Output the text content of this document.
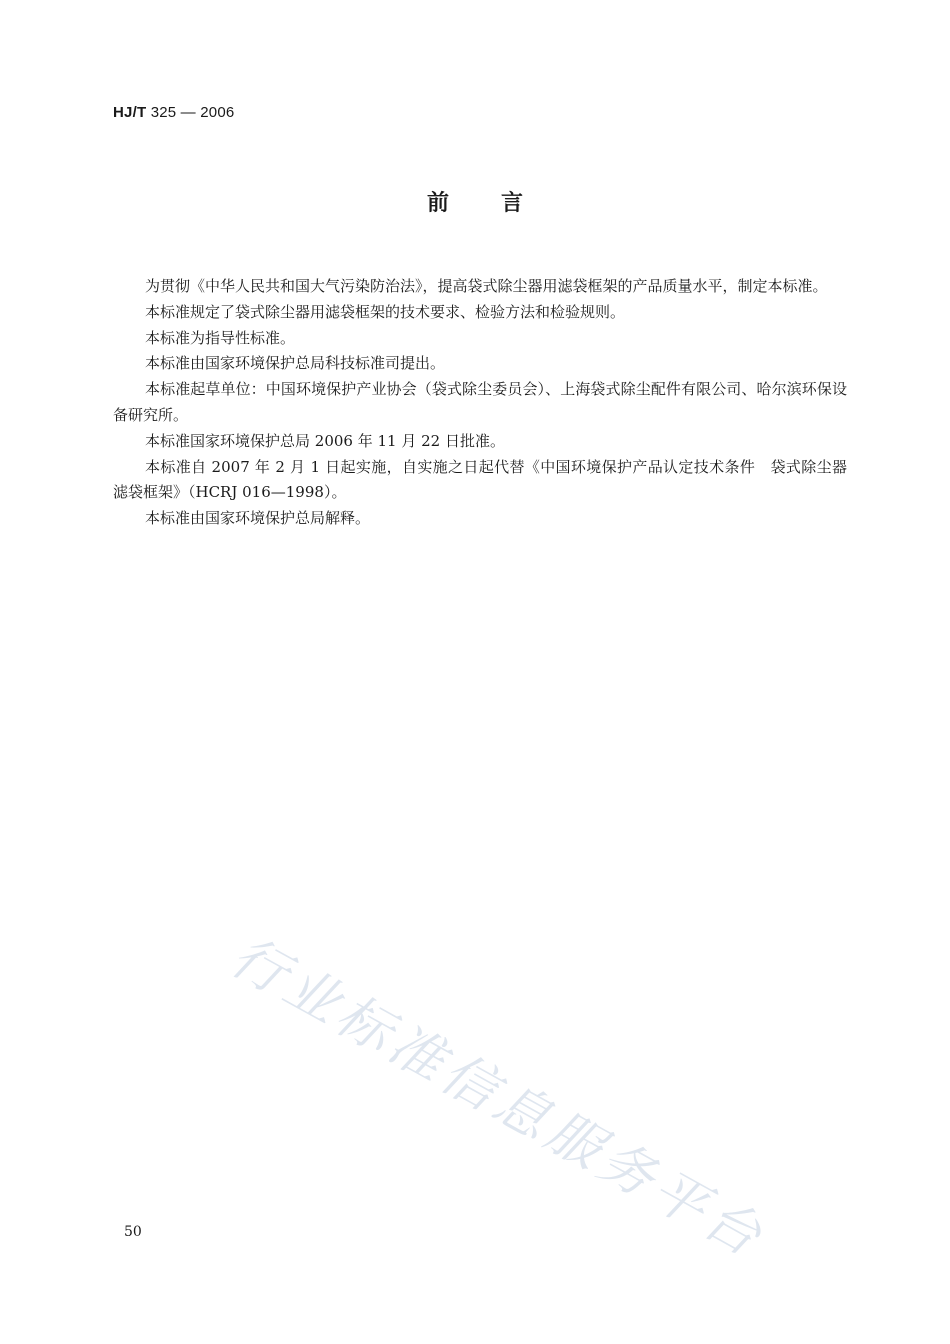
HJ/T 325 — 2006
前言

为贯彻《中华人民共和国大气污染防治法》，提高袋式除尘器用滤袋框架的产品质量水平，制定本标准。

本标准规定了袋式除尘器用滤袋框架的技术要求、检验方法和检验规则。

本标准为指导性标准。

本标准由国家环境保护总局科技标准司提出。

本标准起草单位：中国环境保护产业协会（袋式除尘委员会）、上海袋式除尘配件有限公司、哈尔滨环保设备研究所。

本标准国家环境保护总局 2006 年 11 月 22 日批准。

本标准自 2007 年 2 月 1 日起实施，自实施之日起代替《中国环境保护产品认定技术条件　袋式除尘器　滤袋框架》（HCRJ 016—1998）。

本标准由国家环境保护总局解释。

行业标准信息服务平台
50
